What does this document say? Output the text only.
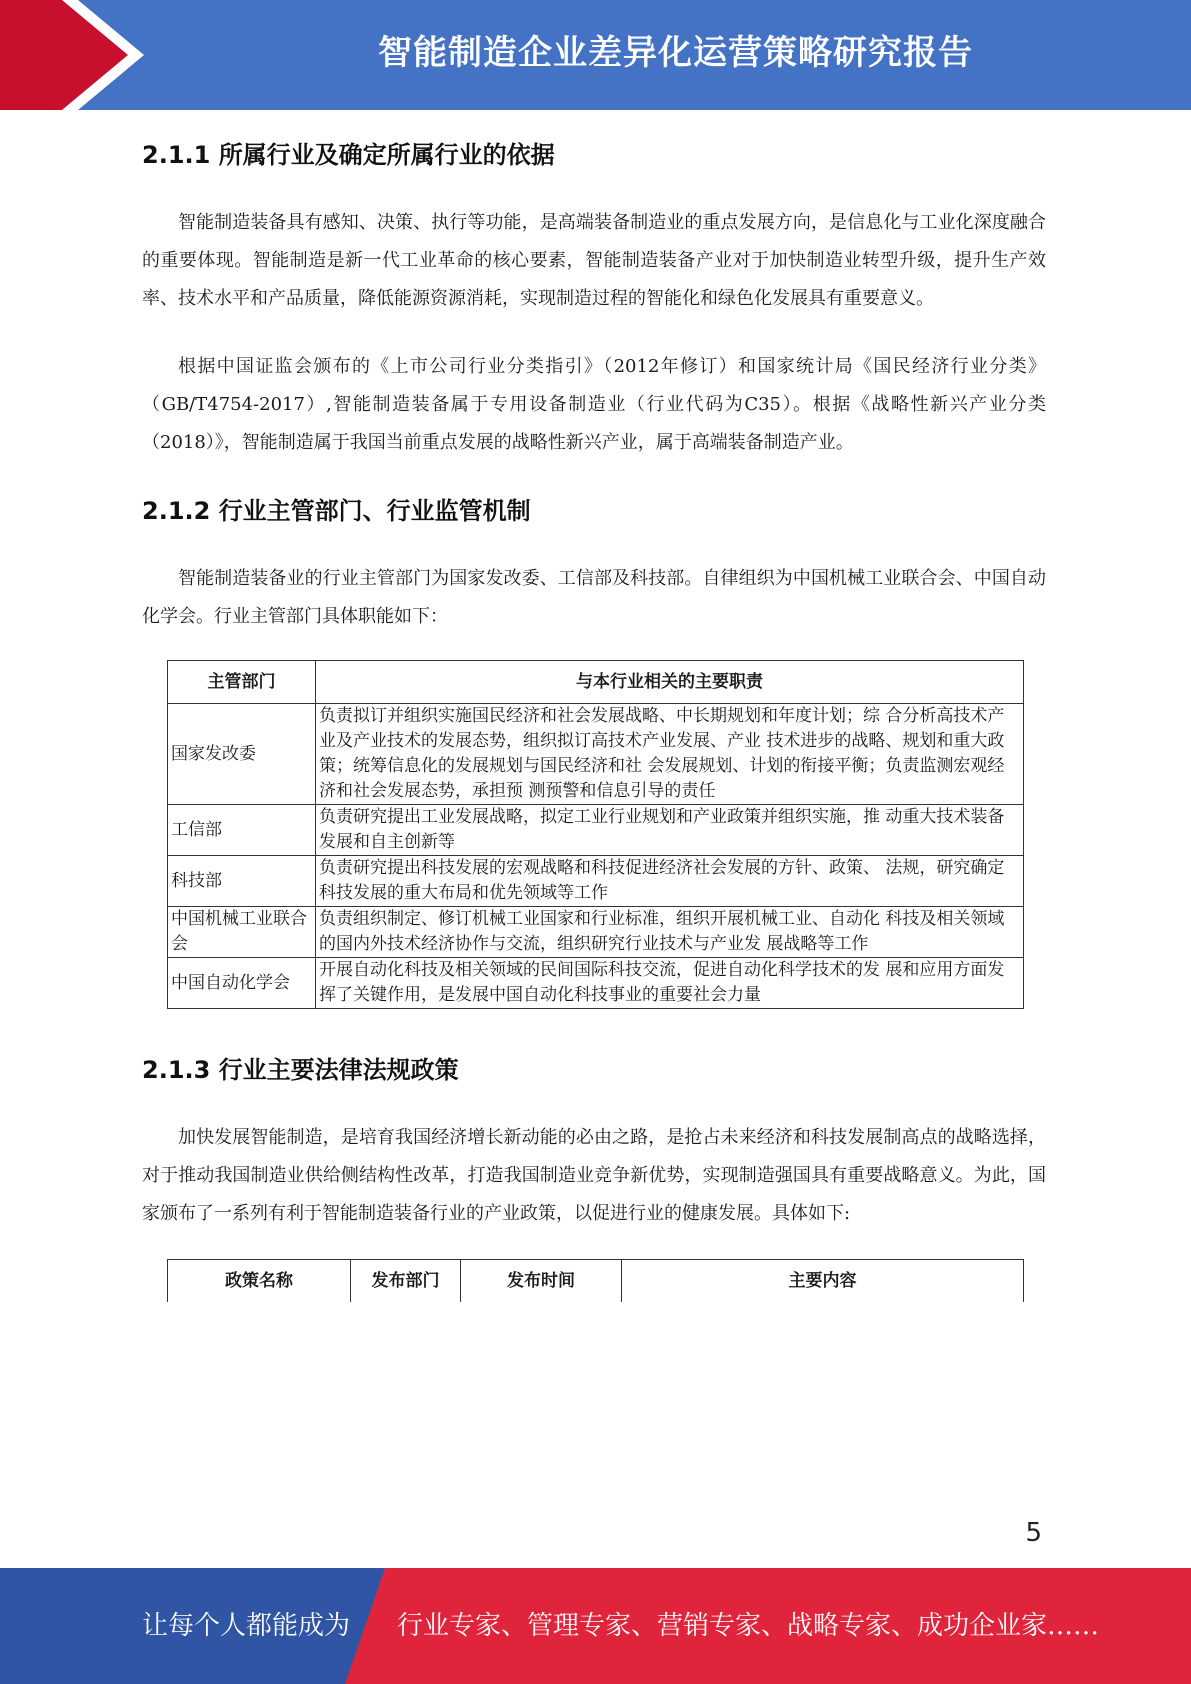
智能制造企业差异化运营策略研究报告
2.1.1 所属行业及确定所属行业的依据

智能制造装备具有感知、决策、执行等功能，是高端装备制造业的重点发展方向，是信息化与工业化深度融合的重要体现。智能制造是新一代工业革命的核心要素，智能制造装备产业对于加快制造业转型升级，提升生产效率、技术水平和产品质量，降低能源资源消耗，实现制造过程的智能化和绿色化发展具有重要意义。

根据中国证监会颁布的《上市公司行业分类指引》（2012年修订）和国家统计局《国民经济行业分类》（GB/T4754-2017）,智能制造装备属于专用设备制造业（行业代码为C35）。根据《战略性新兴产业分类（2018）》，智能制造属于我国当前重点发展的战略性新兴产业，属于高端装备制造产业。

2.1.2 行业主管部门、行业监管机制

智能制造装备业的行业主管部门为国家发改委、工信部及科技部。自律组织为中国机械工业联合会、中国自动化学会。行业主管部门具体职能如下：

主管部门	与本行业相关的主要职责
国家发改委	负责拟订并组织实施国民经济和社会发展战略、中长期规划和年度计划；综 合分析高技术产业及产业技术的发展态势，组织拟订高技术产业发展、产业 技术进步的战略、规划和重大政策；统筹信息化的发展规划与国民经济和社 会发展规划、计划的衔接平衡；负责监测宏观经济和社会发展态势，承担预 测预警和信息引导的责任
工信部	负责研究提出工业发展战略，拟定工业行业规划和产业政策并组织实施，推 动重大技术装备发展和自主创新等
科技部	负责研究提出科技发展的宏观战略和科技促进经济社会发展的方针、政策、 法规，研究确定科技发展的重大布局和优先领域等工作
中国机械工业联合会	负责组织制定、修订机械工业国家和行业标准，组织开展机械工业、自动化 科技及相关领域的国内外技术经济协作与交流，组织研究行业技术与产业发 展战略等工作
中国自动化学会	开展自动化科技及相关领域的民间国际科技交流，促进自动化科学技术的发 展和应用方面发挥了关键作用，是发展中国自动化科技事业的重要社会力量
2.1.3 行业主要法律法规政策

加快发展智能制造，是培育我国经济增长新动能的必由之路，是抢占未来经济和科技发展制高点的战略选择，对于推动我国制造业供给侧结构性改革，打造我国制造业竞争新优势，实现制造强国具有重要战略意义。为此，国家颁布了一系列有利于智能制造装备行业的产业政策，以促进行业的健康发展。具体如下:

政策名称	发布部门	发布时间	主要内容
5
让每个人都能成为 行业专家、管理专家、营销专家、战略专家、成功企业家……
